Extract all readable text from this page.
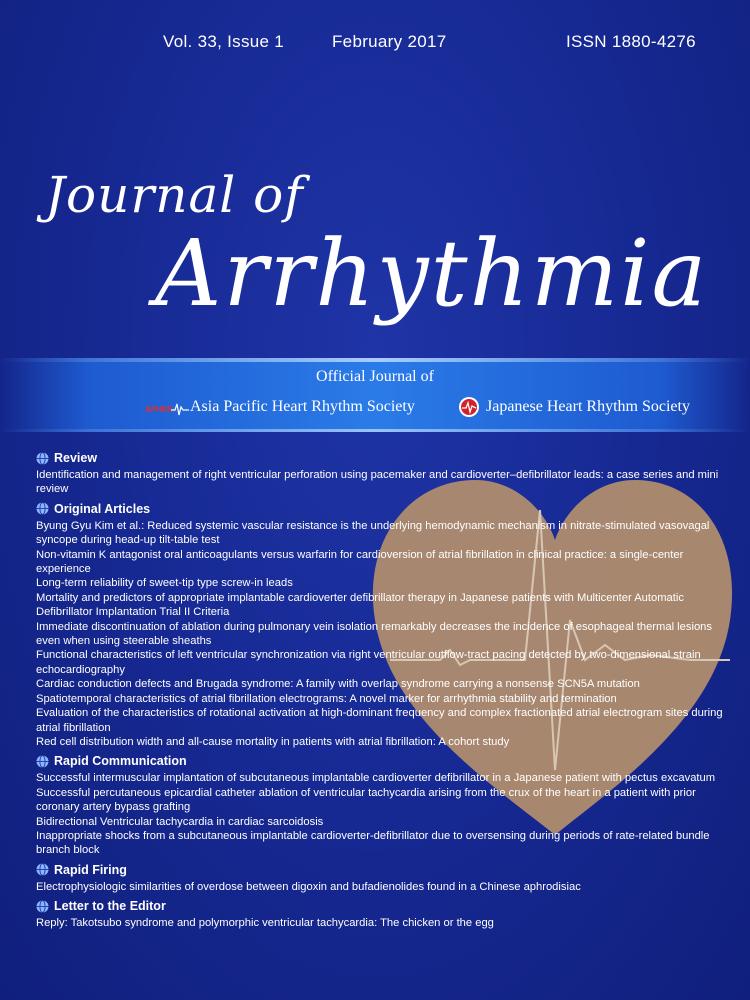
Vol. 33, Issue 1	February 2017	ISSN 1880-4276
Journal of
Arrhythmia
Official Journal of
APHRS Asia Pacific Heart Rhythm Society	Japanese Heart Rhythm Society
Review
Identification and management of right ventricular perforation using pacemaker and cardioverter–defibrillator leads: a case series and mini review
Original Articles
Byung Gyu Kim et al.: Reduced systemic vascular resistance is the underlying hemodynamic mechanism in nitrate-stimulated vasovagal syncope during head-up tilt-table test
Non-vitamin K antagonist oral anticoagulants versus warfarin for cardioversion of atrial fibrillation in clinical practice: a single-center experience
Long-term reliability of sweet-tip type screw-in leads
Mortality and predictors of appropriate implantable cardioverter defibrillator therapy in Japanese patients with Multicenter Automatic Defibrillator Implantation Trial II Criteria
Immediate discontinuation of ablation during pulmonary vein isolation remarkably decreases the incidence of esophageal thermal lesions even when using steerable sheaths
Functional characteristics of left ventricular synchronization via right ventricular outflow-tract pacing detected by two-dimensional strain echocardiography
Cardiac conduction defects and Brugada syndrome: A family with overlap syndrome carrying a nonsense SCN5A mutation
Spatiotemporal characteristics of atrial fibrillation electrograms: A novel marker for arrhythmia stability and termination
Evaluation of the characteristics of rotational activation at high-dominant frequency and complex fractionated atrial electrogram sites during atrial fibrillation
Red cell distribution width and all-cause mortality in patients with atrial fibrillation: A cohort study
Rapid Communication
Successful intermuscular implantation of subcutaneous implantable cardioverter defibrillator in a Japanese patient with pectus excavatum
Successful percutaneous epicardial catheter ablation of ventricular tachycardia arising from the crux of the heart in a patient with prior coronary artery bypass grafting
Bidirectional Ventricular tachycardia in cardiac sarcoidosis
Inappropriate shocks from a subcutaneous implantable cardioverter-defibrillator due to oversensing during periods of rate-related bundle branch block
Rapid Firing
Electrophysiologic similarities of overdose between digoxin and bufadienolides found in a Chinese aphrodisiac
Letter to the Editor
Reply: Takotsubo syndrome and polymorphic ventricular tachycardia: The chicken or the egg
